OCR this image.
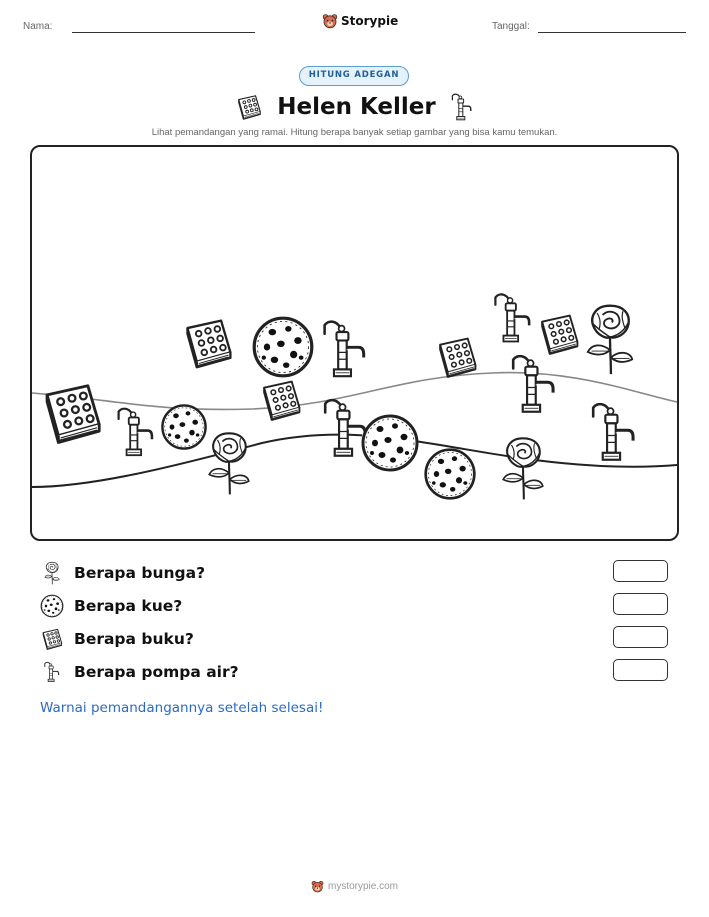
Nama:	Storypie	Tanggal:
HITUNG ADEGAN
Helen Keller
Lihat pemandangan yang ramai. Hitung berapa banyak setiap gambar yang bisa kamu temukan.
Berapa bunga?
Berapa kue?
Berapa buku?
Berapa pompa air?
Warnai pemandangannya setelah selesai!
mystorypie.com
